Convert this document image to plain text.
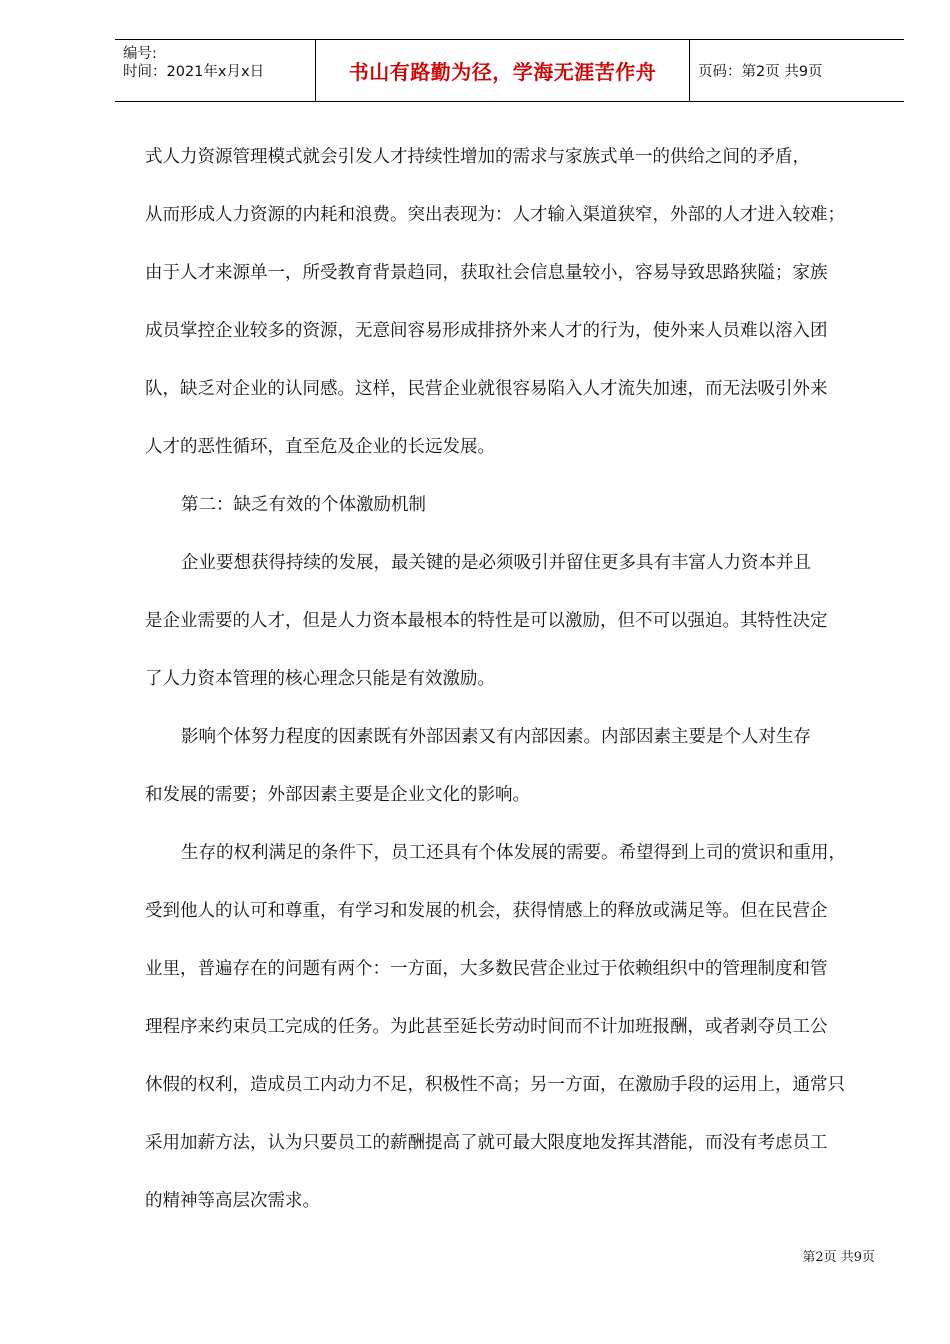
编号:
时间：2021年x月x日	书山有路勤为径，学海无涯苦作舟	页码：第2页 共9页
式人力资源管理模式就会引发人才持续性增加的需求与家族式单一的供给之间的矛盾，
从而形成人力资源的内耗和浪费。突出表现为：人才输入渠道狭窄，外部的人才进入较难；
由于人才来源单一，所受教育背景趋同，获取社会信息量较小，容易导致思路狭隘；家族
成员掌控企业较多的资源，无意间容易形成排挤外来人才的行为，使外来人员难以溶入团
队，缺乏对企业的认同感。这样，民营企业就很容易陷入人才流失加速，而无法吸引外来
人才的恶性循环，直至危及企业的长远发展。
第二：缺乏有效的个体激励机制
企业要想获得持续的发展，最关键的是必须吸引并留住更多具有丰富人力资本并且
是企业需要的人才，但是人力资本最根本的特性是可以激励，但不可以强迫。其特性决定
了人力资本管理的核心理念只能是有效激励。
影响个体努力程度的因素既有外部因素又有内部因素。内部因素主要是个人对生存
和发展的需要；外部因素主要是企业文化的影响。
生存的权利满足的条件下，员工还具有个体发展的需要。希望得到上司的赏识和重用，
受到他人的认可和尊重，有学习和发展的机会，获得情感上的释放或满足等。但在民营企
业里，普遍存在的问题有两个：一方面，大多数民营企业过于依赖组织中的管理制度和管
理程序来约束员工完成的任务。为此甚至延长劳动时间而不计加班报酬，或者剥夺员工公
休假的权利，造成员工内动力不足，积极性不高；另一方面，在激励手段的运用上，通常只
采用加薪方法，认为只要员工的薪酬提高了就可最大限度地发挥其潜能，而没有考虑员工
的精神等高层次需求。
第2页 共9页
